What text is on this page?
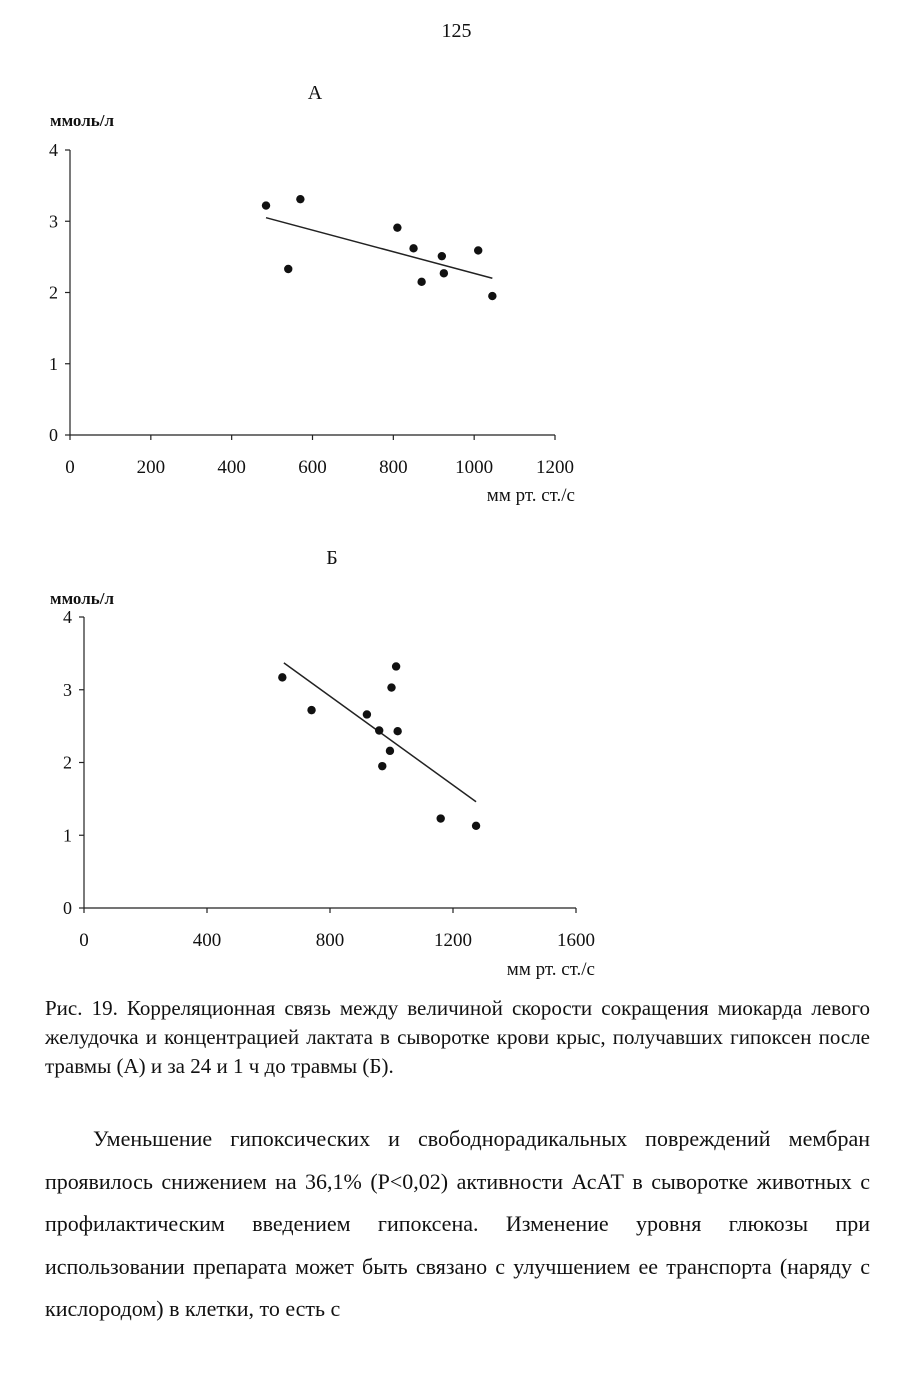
125
А
ммоль/л
0
1
2
3
4
0	200	400	600	800	1000 1200
мм рт. ст./с
Б
ммоль/л
0
1
2
3
4
0	400	800	1200	1600
мм рт. ст./с
Рис. 19. Корреляционная связь между величиной скорости сокращения миокарда левого желудочка и концентрацией лактата в сыворотке крови крыс, получавших гипоксен после травмы (А) и за 24 и 1 ч до травмы (Б).

Уменьшение гипоксических и свободнорадикальных повреждений мембран проявилось снижением на 36,1% (P<0,02) активности АсАТ в сыворотке животных с профилактическим введением гипоксена. Изменение уровня глюкозы при использовании препарата может быть связано с улучшением ее транспорта (наряду с кислородом) в клетки, то есть с
